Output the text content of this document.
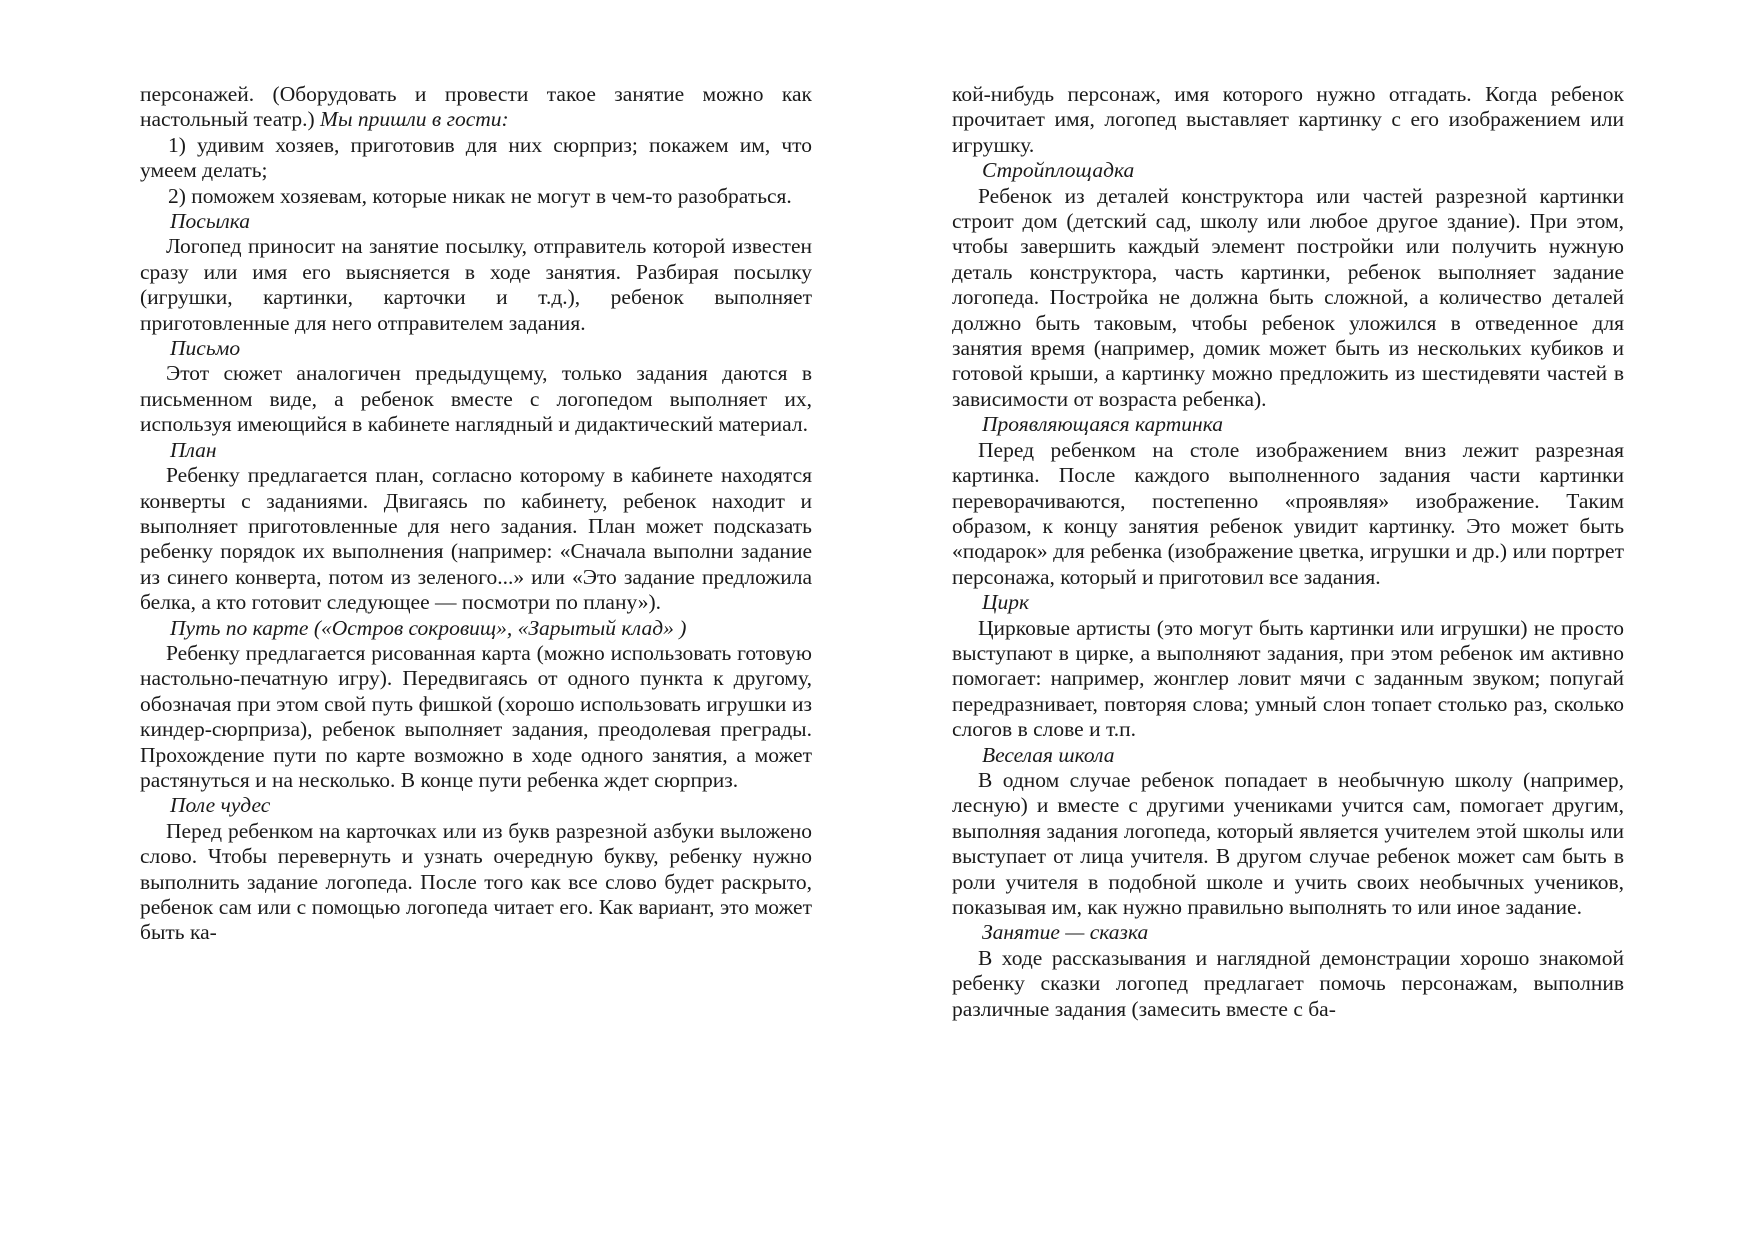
персонажей. (Оборудовать и провести такое занятие можно как настольный театр.) Мы пришли в гости:

1) удивим хозяев, приготовив для них сюрприз; покажем им, что умеем делать;

2) поможем хозяевам, которые никак не могут в чем-то разобраться.

Посылка

Логопед приносит на занятие посылку, отправитель которой известен сразу или имя его выясняется в ходе занятия. Разбирая посылку (игрушки, картинки, карточки и т.д.), ребенок выполняет приготовленные для него отправителем задания.

Письмо

Этот сюжет аналогичен предыдущему, только задания даются в письменном виде, а ребенок вместе с логопедом выполняет их, используя имеющийся в кабинете наглядный и дидактический материал.

План

Ребенку предлагается план, согласно которому в кабинете находятся конверты с заданиями. Двигаясь по кабинету, ребенок находит и выполняет приготовленные для него задания. План может подсказать ребенку порядок их выполнения (например: «Сначала выполни задание из синего конверта, потом из зеленого...» или «Это задание предложила белка, а кто готовит следующее — посмотри по плану»).

Путь по карте («Остров сокровищ», «Зарытый клад» )

Ребенку предлагается рисованная карта (можно использовать готовую настольно-печатную игру). Передвигаясь от одного пункта к другому, обозначая при этом свой путь фишкой (хорошо использовать игрушки из киндер-сюрприза), ребенок выполняет задания, преодолевая преграды. Прохождение пути по карте возможно в ходе одного занятия, а может растянуться и на несколько. В конце пути ребенка ждет сюрприз.

Поле чудес

Перед ребенком на карточках или из букв разрезной азбуки выложено слово. Чтобы перевернуть и узнать очередную букву, ребенку нужно выполнить задание логопеда. После того как все слово будет раскрыто, ребенок сам или с помощью логопеда читает его. Как вариант, это может быть ка-

кой-нибудь персонаж, имя которого нужно отгадать. Когда ребенок прочитает имя, логопед выставляет картинку с его изображением или игрушку.

Стройплощадка

Ребенок из деталей конструктора или частей разрезной картинки строит дом (детский сад, школу или любое другое здание). При этом, чтобы завершить каждый элемент постройки или получить нужную деталь конструктора, часть картинки, ребенок выполняет задание логопеда. Постройка не должна быть сложной, а количество деталей должно быть таковым, чтобы ребенок уложился в отведенное для занятия время (например, домик может быть из нескольких кубиков и готовой крыши, а картинку можно предложить из шестидевяти частей в зависимости от возраста ребенка).

Проявляющаяся картинка

Перед ребенком на столе изображением вниз лежит разрезная картинка. После каждого выполненного задания части картинки переворачиваются, постепенно «проявляя» изображение. Таким образом, к концу занятия ребенок увидит картинку. Это может быть «подарок» для ребенка (изображение цветка, игрушки и др.) или портрет персонажа, который и приготовил все задания.

Цирк

Цирковые артисты (это могут быть картинки или игрушки) не просто выступают в цирке, а выполняют задания, при этом ребенок им активно помогает: например, жонглер ловит мячи с заданным звуком; попугай передразнивает, повторяя слова; умный слон топает столько раз, сколько слогов в слове и т.п.

Веселая школа

В одном случае ребенок попадает в необычную школу (например, лесную) и вместе с другими учениками учится сам, помогает другим, выполняя задания логопеда, который является учителем этой школы или выступает от лица учителя. В другом случае ребенок может сам быть в роли учителя в подобной школе и учить своих необычных учеников, показывая им, как нужно правильно выполнять то или иное задание.

Занятие — сказка

В ходе рассказывания и наглядной демонстрации хорошо знакомой ребенку сказки логопед предлагает помочь персонажам, выполнив различные задания (замесить вместе с ба-
